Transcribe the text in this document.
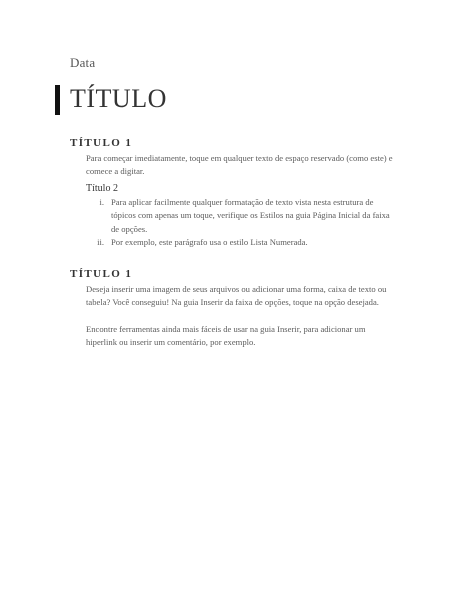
Data
TÍTULO
TÍTULO 1
Para começar imediatamente, toque em qualquer texto de espaço reservado (como este) e comece a digitar.
Título 2
i. Para aplicar facilmente qualquer formatação de texto vista nesta estrutura de tópicos com apenas um toque, verifique os Estilos na guia Página Inicial da faixa de opções.
ii. Por exemplo, este parágrafo usa o estilo Lista Numerada.
TÍTULO 1
Deseja inserir uma imagem de seus arquivos ou adicionar uma forma, caixa de texto ou tabela? Você conseguiu! Na guia Inserir da faixa de opções, toque na opção desejada.
Encontre ferramentas ainda mais fáceis de usar na guia Inserir, para adicionar um hiperlink ou inserir um comentário, por exemplo.
